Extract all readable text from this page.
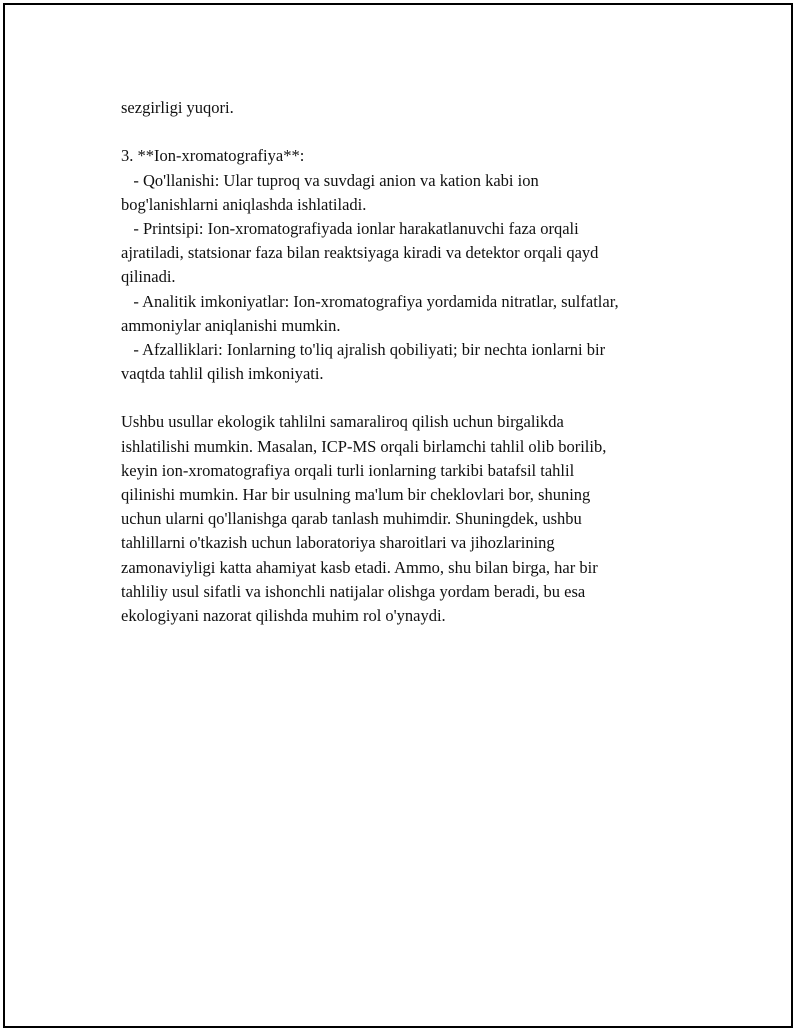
sezgirligi yuqori.
3. **Ion-xromatografiya**:
- Qo'llanishi: Ular tuproq va suvdagi anion va kation kabi ion
bog'lanishlarni aniqlashda ishlatiladi.
- Printsipi: Ion-xromatografiyada ionlar harakatlanuvchi faza orqali
ajratiladi, statsionar faza bilan reaktsiyaga kiradi va detektor orqali qayd
qilinadi.
- Analitik imkoniyatlar: Ion-xromatografiya yordamida nitratlar, sulfatlar,
ammoniylar aniqlanishi mumkin.
- Afzalliklari: Ionlarning to'liq ajralish qobiliyati; bir nechta ionlarni bir
vaqtda tahlil qilish imkoniyati.
Ushbu usullar ekologik tahlilni samaraliroq qilish uchun birgalikda
ishlatilishi mumkin. Masalan, ICP-MS orqali birlamchi tahlil olib borilib,
keyin ion-xromatografiya orqali turli ionlarning tarkibi batafsil tahlil
qilinishi mumkin. Har bir usulning ma'lum bir cheklovlari bor, shuning
uchun ularni qo'llanishga qarab tanlash muhimdir. Shuningdek, ushbu
tahlillarni o'tkazish uchun laboratoriya sharoitlari va jihozlarining
zamonaviyligi katta ahamiyat kasb etadi. Ammo, shu bilan birga, har bir
tahliliy usul sifatli va ishonchli natijalar olishga yordam beradi, bu esa
ekologiyani nazorat qilishda muhim rol o'ynaydi.
